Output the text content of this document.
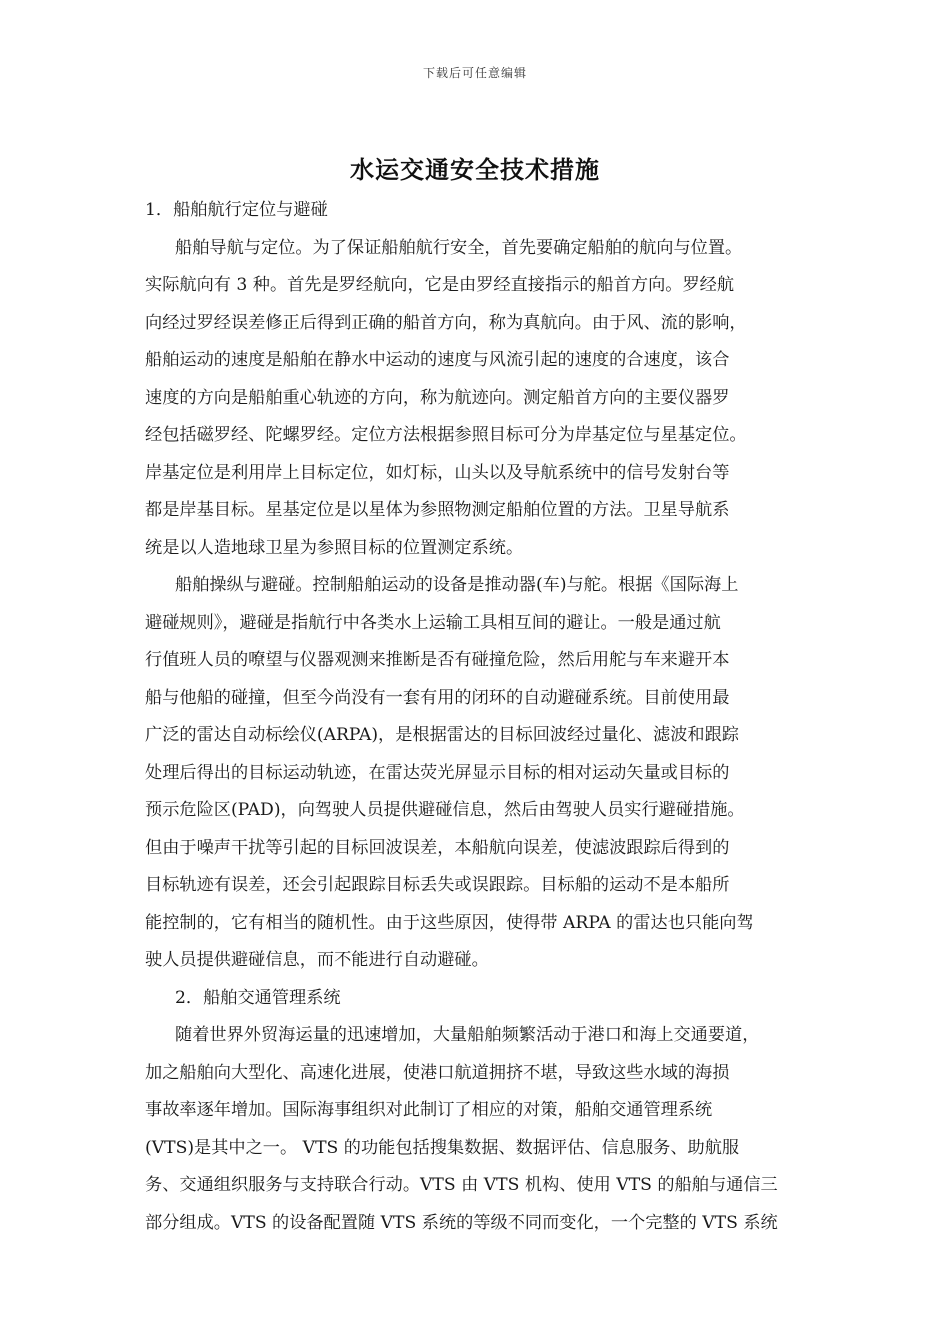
下载后可任意编辑
水运交通安全技术措施
1．船舶航行定位与避碰
船舶导航与定位。为了保证船舶航行安全，首先要确定船舶的航向与位置。
实际航向有 3 种。首先是罗经航向，它是由罗经直接指示的船首方向。罗经航
向经过罗经误差修正后得到正确的船首方向，称为真航向。由于风、流的影响，
船舶运动的速度是船舶在静水中运动的速度与风流引起的速度的合速度，该合
速度的方向是船舶重心轨迹的方向，称为航迹向。测定船首方向的主要仪器罗
经包括磁罗经、陀螺罗经。定位方法根据参照目标可分为岸基定位与星基定位。
岸基定位是利用岸上目标定位，如灯标，山头以及导航系统中的信号发射台等
都是岸基目标。星基定位是以星体为参照物测定船舶位置的方法。卫星导航系
统是以人造地球卫星为参照目标的位置测定系统。
船舶操纵与避碰。控制船舶运动的设备是推动器(车)与舵。根据《国际海上
避碰规则》，避碰是指航行中各类水上运输工具相互间的避让。一般是通过航
行值班人员的嘹望与仪器观测来推断是否有碰撞危险，然后用舵与车来避开本
船与他船的碰撞，但至今尚没有一套有用的闭环的自动避碰系统。目前使用最
广泛的雷达自动标绘仪(ARPA)，是根据雷达的目标回波经过量化、滤波和跟踪
处理后得出的目标运动轨迹，在雷达荧光屏显示目标的相对运动矢量或目标的
预示危险区(PAD)，向驾驶人员提供避碰信息，然后由驾驶人员实行避碰措施。
但由于噪声干扰等引起的目标回波误差，本船航向误差，使滤波跟踪后得到的
目标轨迹有误差，还会引起跟踪目标丢失或误跟踪。目标船的运动不是本船所
能控制的，它有相当的随机性。由于这些原因，使得带 ARPA 的雷达也只能向驾
驶人员提供避碰信息，而不能进行自动避碰。
2．船舶交通管理系统
随着世界外贸海运量的迅速增加，大量船舶频繁活动于港口和海上交通要道，
加之船舶向大型化、高速化进展，使港口航道拥挤不堪，导致这些水域的海损
事故率逐年增加。国际海事组织对此制订了相应的对策，船舶交通管理系统
(VTS)是其中之一。 VTS 的功能包括搜集数据、数据评估、信息服务、助航服
务、交通组织服务与支持联合行动。VTS 由 VTS 机构、使用 VTS 的船舶与通信三
部分组成。VTS 的设备配置随 VTS 系统的等级不同而变化，一个完整的 VTS 系统
